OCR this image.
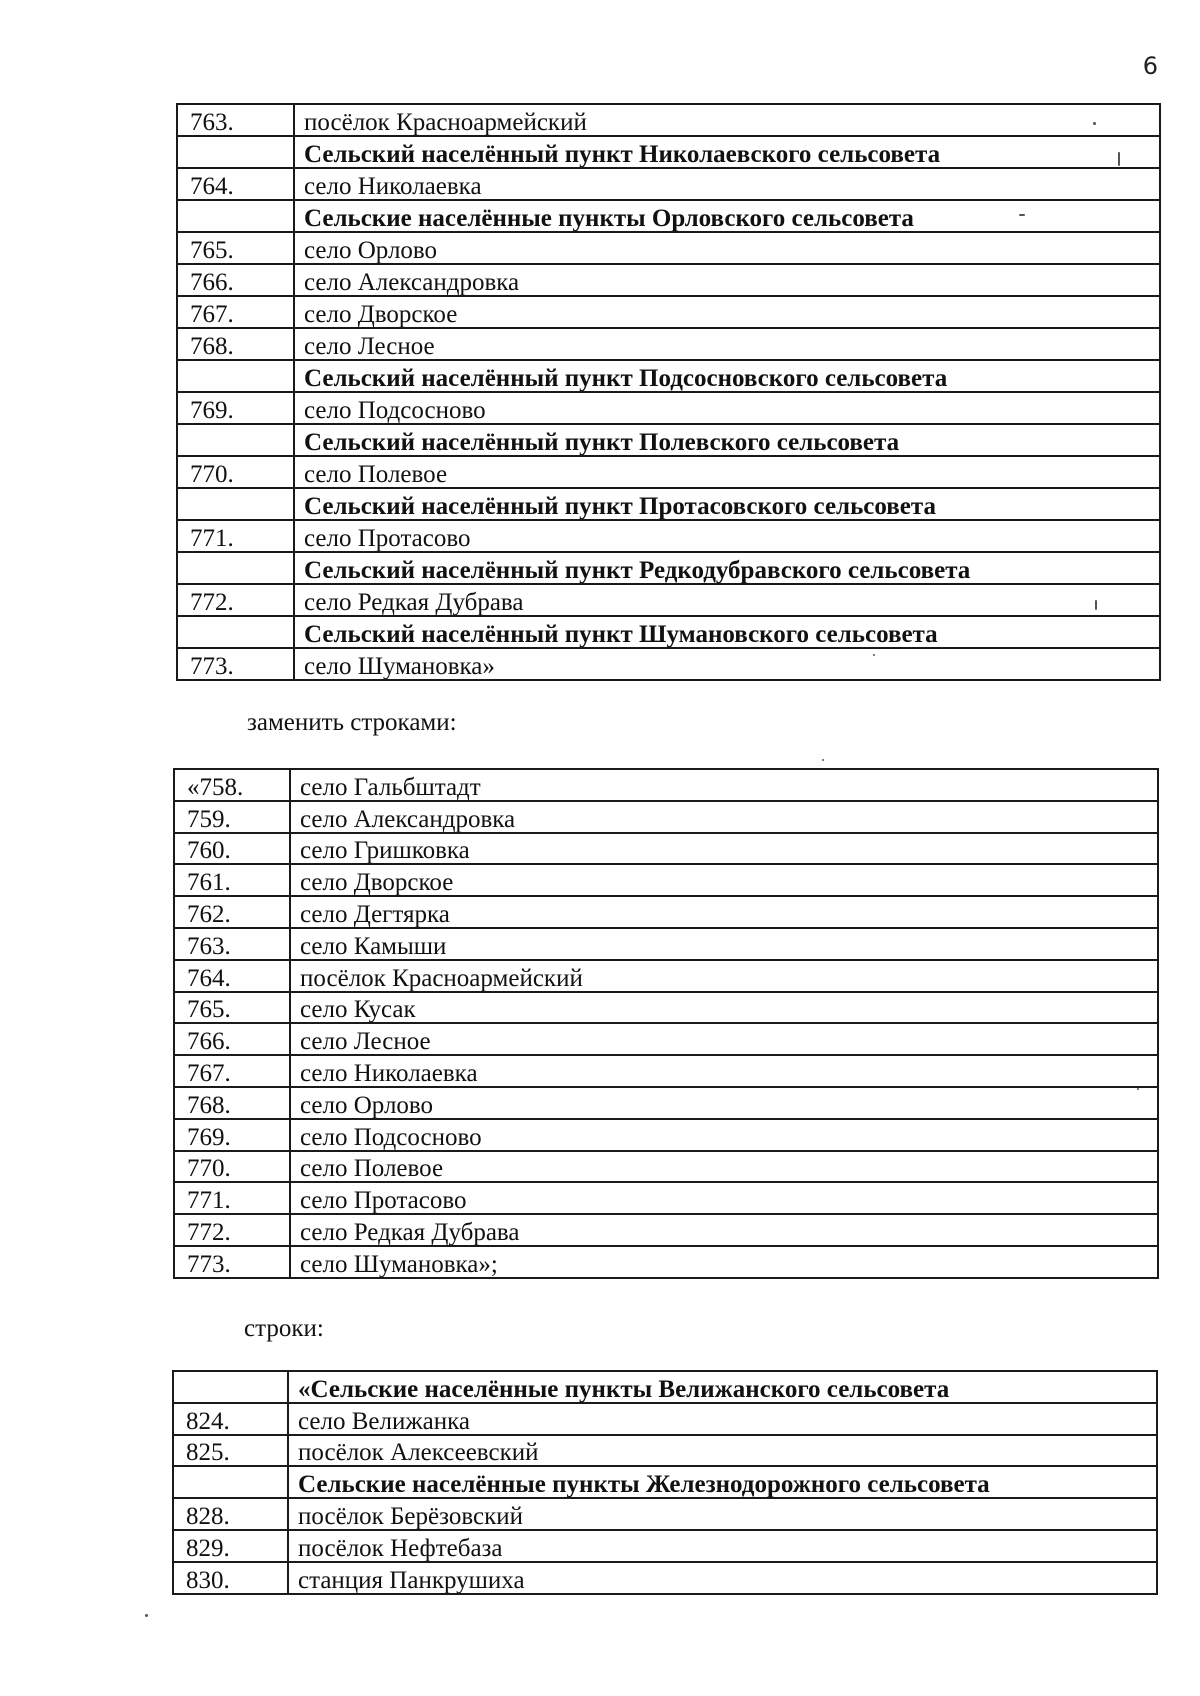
6
763.	посёлок Красноармейский
	Сельский населённый пункт Николаевского сельсовета
764.	село Николаевка
	Сельские населённые пункты Орловского сельсовета
765.	село Орлово
766.	село Александровка
767.	село Дворское
768.	село Лесное
	Сельский населённый пункт Подсосновского сельсовета
769.	село Подсосново
	Сельский населённый пункт Полевского сельсовета
770.	село Полевое
	Сельский населённый пункт Протасовского сельсовета
771.	село Протасово
	Сельский населённый пункт Редкодубравского сельсовета
772.	село Редкая Дубрава
	Сельский населённый пункт Шумановского сельсовета
773.	село Шумановка»
заменить строками:
«758.	село Гальбштадт
759.	село Александровка
760.	село Гришковка
761.	село Дворское
762.	село Дегтярка
763.	село Камыши
764.	посёлок Красноармейский
765.	село Кусак
766.	село Лесное
767.	село Николаевка
768.	село Орлово
769.	село Подсосново
770.	село Полевое
771.	село Протасово
772.	село Редкая Дубрава
773.	село Шумановка»;
строки:
	«Сельские населённые пункты Велижанского сельсовета
824.	село Велижанка
825.	посёлок Алексеевский
	Сельские населённые пункты Железнодорожного сельсовета
828.	посёлок Берёзовский
829.	посёлок Нефтебаза
830.	станция Панкрушиха
